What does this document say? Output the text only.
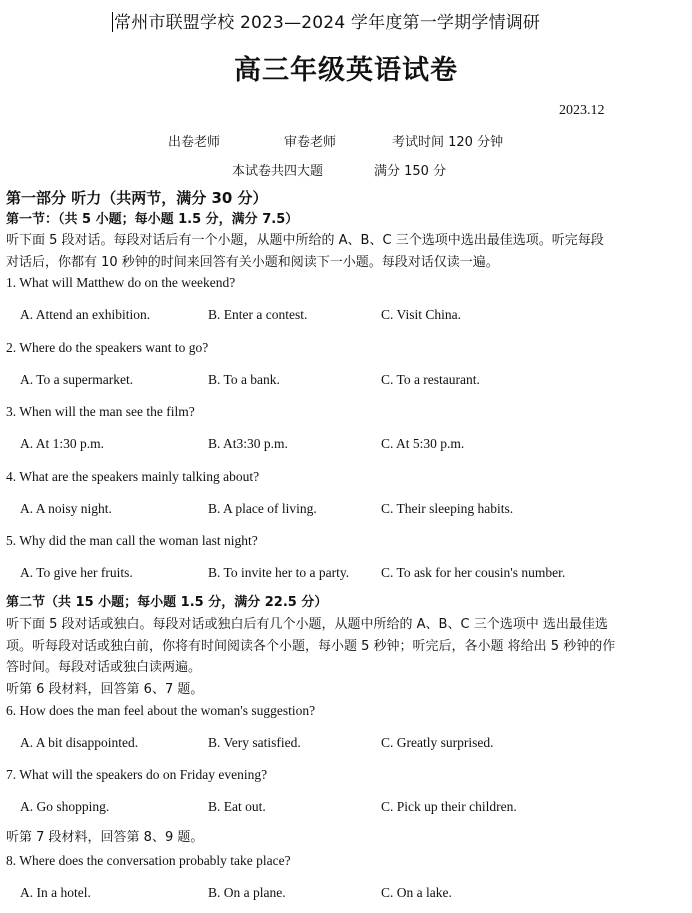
常州市联盟学校 2023—2024 学年度第一学期学情调研
高三年级英语试卷
2023.12
出卷老师	审卷老师	考试时间 120 分钟
本试卷共四大题	满分 150 分
第一部分 听力（共两节，满分 30 分）
第一节：（共 5 小题；每小题 1.5 分，满分 7.5）
听下面 5 段对话。每段对话后有一个小题，从题中所给的 A、B、C 三个选项中选出最佳选项。听完每段
对话后，你都有 10 秒钟的时间来回答有关小题和阅读下一小题。每段对话仅读一遍。
1. What will Matthew do on the weekend?
A. Attend an exhibition.	B. Enter a contest.	C. Visit China.
2. Where do the speakers want to go?
A. To a supermarket.	B. To a bank.	C. To a restaurant.
3. When will the man see the film?
A. At 1:30 p.m.	B. At3:30 p.m.	C. At 5:30 p.m.
4. What are the speakers mainly talking about?
A. A noisy night.	B. A place of living.	C. Their sleeping habits.
5. Why did the man call the woman last night?
A. To give her fruits.	B. To invite her to a party. C. To ask for her cousin's number.
第二节（共 15 小题；每小题 1.5 分，满分 22.5 分）
听下面 5 段对话或独白。每段对话或独白后有几个小题，从题中所给的 A、B、C 三个选项中 选出最佳选
项。听每段对话或独白前，你将有时间阅读各个小题，每小题 5 秒钟；听完后，各小题 将给出 5 秒钟的作
答时间。每段对话或独白读两遍。
听第 6 段材料，回答第 6、7 题。
6. How does the man feel about the woman's suggestion?
A. A bit disappointed.	B. Very satisfied.	C. Greatly surprised.
7. What will the speakers do on Friday evening?
A. Go shopping.	B. Eat out.	C. Pick up their children.
听第 7 段材料，回答第 8、9 题。
8. Where does the conversation probably take place?
A. In a hotel.	B. On a plane.	C. On a lake.
